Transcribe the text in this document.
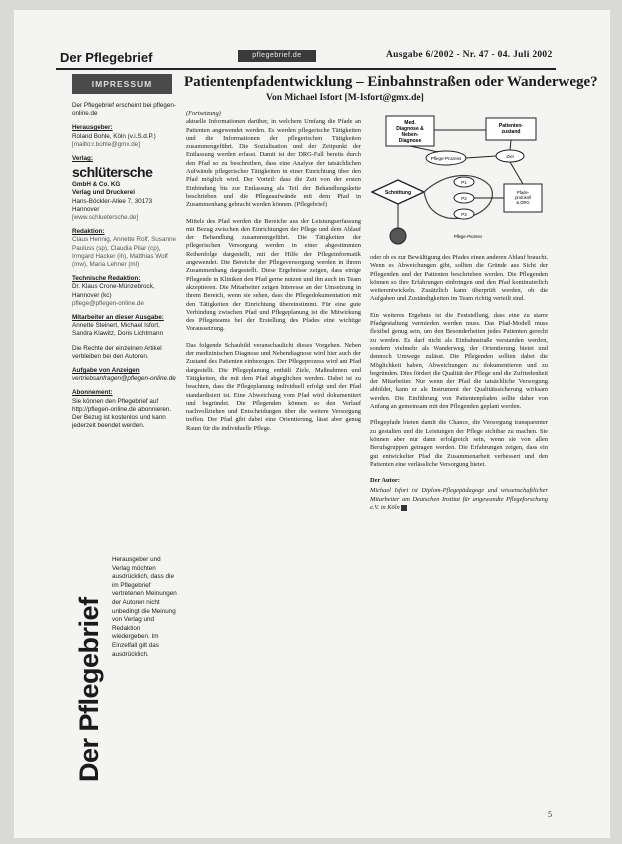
Der Pflegebrief	pflegebrief.de	Ausgabe 6/2002 - Nr. 47 - 04. Juli 2002
IMPRESSUM	Patientenpfadentwicklung – Einbahnstraßen oder Wanderwege?
Von Michael Isfort [M-Isfort@gmx.de]
Der Pflegebrief erscheint bei pflegen-online.de
Herausgeber:
Roland Bohle, Köln (v.i.S.d.P.)
[mailto:r.bohle@gmx.de]
Verlag:
schlütersche
GmbH & Co. KG
Verlag und Druckerei
Hans-Böckler-Allee 7, 30173 Hannover
[www.schluetersche.de]
Redaktion:
Claus Hennig, Annette Rolf, Susanne Pauluss (sp), Claudia Pilar (cp), Irmgard Hacker (ih), Matthias Wolf (mw), Maria Lehner (ml)
Technische Redaktion:
Dr. Klaus Crone-Münzebrock, Hannover (kc)
pflege@pflegen-online.de
Mitarbeiter an dieser Ausgabe:
Annette Steinert, Michael Isfort, Sandra Klawitz, Doris Lichtmann
Die Rechte der einzelnen Artikel verbleiben bei den Autoren.
Aufgabe von Anzeigen
vertriebsanfragen@pflegen-online.de
Abonnement:
Sie können den Pflegebrief auf http://pflegen-online.de abonnieren. Der Bezug ist kostenlos und kann jederzeit beendet werden.
Der Pflegebrief
Herausgeber und Verlag möchten ausdrücklich, dass die im Pflegebrief vertretenen Meinungen der Autoren nicht unbedingt die Meinung von Verlag und Redaktion wiedergeben. Im Einzelfall gilt das ausdrücklich.

(Fortsetzung)

aktuelle Informationen darüber, in welchem Umfang die Pfade an Patienten angewendet werden. Es werden pflegerische Tätigkeiten und die Informationen der pflegerischen Tätigkeiten zusammengeführt. Die Sozialisation und der Zeitpunkt der Entlassung werden erfasst. Damit ist der DRG-Fall bereits durch den Pfad so zu beschreiben, dass eine Analyse der tatsächlichen Aufwände pflegerischer Tätigkeiten in einer Einrichtung über den Pfad möglich wird. Der Vorteil: dass die Zeit von der ersten Einbindung bis zur Entlassung als Teil der Behandlungskette beschrieben und die Pflegeaufwände mit dem Pfad in Zusammenhang gebracht werden können. (Pflegebrief)

Mittels des Pfad werden die Bereiche aus der Leistungserfassung mit Bezug zwischen den Einrichtungen der Pflege und dem Ablauf der Behandlung zusammengeführt. Die Tätigkeiten der pflegerischen Versorgung werden in einer abgestimmten Reihenfolge dargestellt, mit der Hilfe der Pflegeinformatik angewendet. Die Bereiche der Pflegeversorgung werden in ihrem Zusammenhang dargestellt. Diese Ergebnisse zeigen, dass einige Pflegende in Kliniken den Pfad gerne nutzen und ihn auch im Team akzeptieren. Die Mitarbeiter zeigen Interesse an der Umsetzung in ihrem Bereich, wenn sie sehen, dass die Pflegedokumentation mit den Tätigkeiten der Einrichtung übereinstimmt. Für eine gute Verbindung zwischen Pfad und Pflegeplanung ist die Mitwirkung des Pflegeteams bei der Erstellung des Pfades eine wichtige Voraussetzung.

Das folgende Schaubild veranschaulicht dieses Vorgehen. Neben der medizinischen Diagnose und Nebendiagnose wird hier auch der Zustand des Patienten einbezogen. Der Pflegeprozess wird am Pfad dargestellt. Die Pflegeplanung enthält Ziele, Maßnahmen und Tätigkeiten, die mit dem Pfad abgeglichen werden. Dabei ist zu beachten, dass die Pflegeplanung individuell erfolgt und der Pfad standardisiert ist. Eine Abweichung vom Pfad wird dokumentiert und begründet. Die Pflegenden können so den Verlauf nachvollziehen und Entscheidungen über die weitere Versorgung treffen. Der Pfad gibt dabei eine Orientierung, lässt aber genug Raum für die individuelle Pflege.

Med. Diagnose & Neben-Diagnose
Patienten-zustand
Pflege-Prozess	Ziel
Schnittung
P1
P2
P3
Pfade-protokoll & DRG
Pflege-Prozess

oder ob es zur Bewältigung des Pfades einen anderen Ablauf braucht. Wenn es Abweichungen gibt, sollten die Gründe aus Sicht der Pflegenden und der Patienten beschrieben werden. Die Pflegenden können so ihre Erfahrungen einbringen und den Pfad kontinuierlich weiterentwickeln. Zusätzlich kann überprüft werden, ob die Aufgaben und Zuständigkeiten im Team richtig verteilt sind.

Ein weiteres Ergebnis ist die Feststellung, dass eine zu starre Pfadgestaltung vermieden werden muss. Das Pfad-Modell muss flexibel genug sein, um den Besonderheiten jedes Patienten gerecht zu werden. Es darf nicht als Einbahnstraße verstanden werden, sondern vielmehr als Wanderweg, der Orientierung bietet und dennoch Umwege zulässt. Die Pflegenden sollten dabei die Möglichkeit haben, Abweichungen zu dokumentieren und zu begründen. Dies fördert die Qualität der Pflege und die Zufriedenheit der Mitarbeiter. Nur wenn der Pfad die tatsächliche Versorgung abbildet, kann er als Instrument der Qualitätssicherung wirksam werden. Die Einführung von Patientenpfaden sollte daher von Anfang an gemeinsam mit den Pflegenden geplant werden.

Pflegepfade bieten damit die Chance, die Versorgung transparenter zu gestalten und die Leistungen der Pflege sichtbar zu machen. Sie können aber nur dann erfolgreich sein, wenn sie von allen Berufsgruppen getragen werden. Die Erfahrungen zeigen, dass ein gut entwickelter Pfad die Zusammenarbeit verbessert und den Patienten eine verlässliche Versorgung bietet.

Der Autor:

Michael Isfort ist Diplom-Pflegepädagoge und wissenschaftlicher Mitarbeiter am Deutschen Institut für angewandte Pflegeforschung e.V. in Köln

5
